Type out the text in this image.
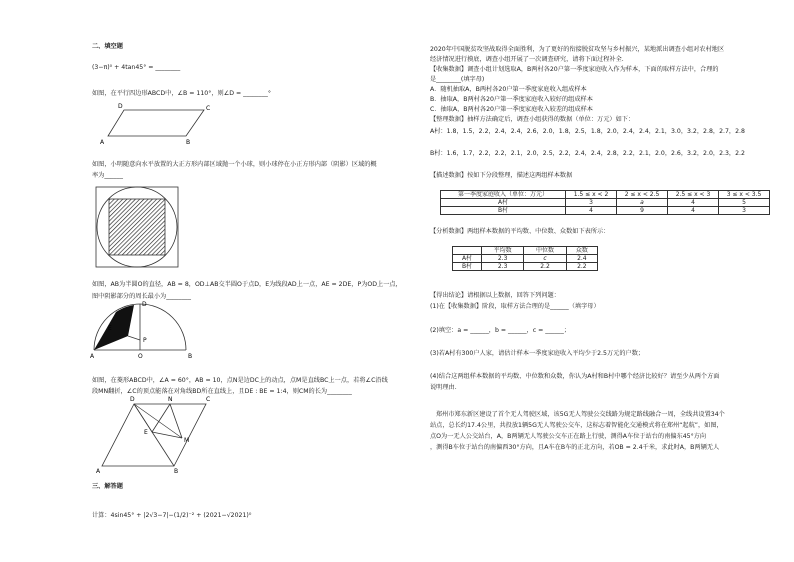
二、填空题
(3−π)⁰ + 4tan45° = ________
如图，在平行四边形ABCD中，∠B = 110°，则∠D = ________°
A	B
C
D
如图，小明随意向水平放置的大正方形内部区域抛一个小球，则小球停在小正方形内部（阴影）区域的概
率为______
如图，AB为半圆O的直径，AB = 8，OD⊥AB交半圆O于点D，E为线段AD上一点，AE = 2DE，P为OD上一点，
图中阴影部分的周长最小为________
A	B
O
P
D
E
如图，在菱形ABCD中，∠A = 60°，AB = 10，点N是边DC上的动点，点M是直线BC上一点，若将∠C沿线
段MN翻折，∠C的顶点能落在对角线BD所在直线上，且DE : BE = 1:4，则CM的长为________
D	N	C
E
M
A	B
三、解答题
计算：4sin45° + |2√3−7|−(1/2)⁻² + (2021−√2021)⁰
2020年中国脱贫攻坚战取得全面胜利，为了更好的衔接脱贫攻坚与乡村振兴，某地派出调查小组对农村地区
经济情况进行摸底，调查小组开展了一次调查研究，请将下面过程补全.
【收集数据】调查小组计划选取A，B两村各20户第一季度家庭收入作为样本，下面的取样方法中，合理的
是________(填字母)
A．随机抽取A，B两村各20户第一季度家庭收入组成样本
B．抽取A，B两村各20户第一季度家庭收入较好的组成样本
C．抽取A，B两村各20户第一季度家庭收入较差的组成样本
【整理数据】抽样方法确定后，调查小组获得的数据（单位：万元）如下：
A村：1.8，1.5，2.2，2.4，2.4，2.6，2.0，1.8，2.5，1.8，2.0，2.4，2.4，2.1，3.0，3.2，2.8，2.7，2.8
B村：1.6，1.7，2.2，2.2，2.1，2.0，2.5，2.2，2.4，2.4，2.8，2.2，2.1，2.0，2.6，3.2，2.0，2.3，2.2
【描述数据】按如下分段整理，描述这两组样本数据
第一季度家庭收入（单位：万元）	1.5 ≤ x < 2	2 ≤ x < 2.5	2.5 ≤ x < 3	3 ≤ x < 3.5
A村	3	a	4	5
B村	4	9	4	3
【分析数据】两组样本数据的平均数、中位数、众数如下表所示：
	平均数	中位数	众数
A村	2.3	c	2.4
B村	2.3	2.2	2.2
【得出结论】请根据以上数据，回答下列问题：
(1)在【收集数据】阶段，取样方法合理的是______（填字母）
(2)填空：a = ______，b = ______，c = ______；
(3)若A村有300户人家，请估计样本一季度家庭收入平均少于2.5万元的户数；
(4)结合这两组样本数据的平均数、中位数和众数，你认为A村和B村中哪个经济比较好？请至少从两个方面
说明理由.
郑州市郑东新区建设了首个无人驾驶区域，该5G无人驾驶公交线路为规定路线融合一周，全线共设置34个
站点，总长约17.4公里，共投放1辆5G无人驾驶公交车，这标志着智能化交通模式将在郑州“起航”，如图，
点O为一无人公交站台，A，B两辆无人驾驶公交车正在路上行驶，测得A车位于站台的南偏东45°方向
，测得B车位于站台的南偏西30°方向，且A车在B车的正北方向，若OB = 2.4千米，求此时A，B两辆无人
